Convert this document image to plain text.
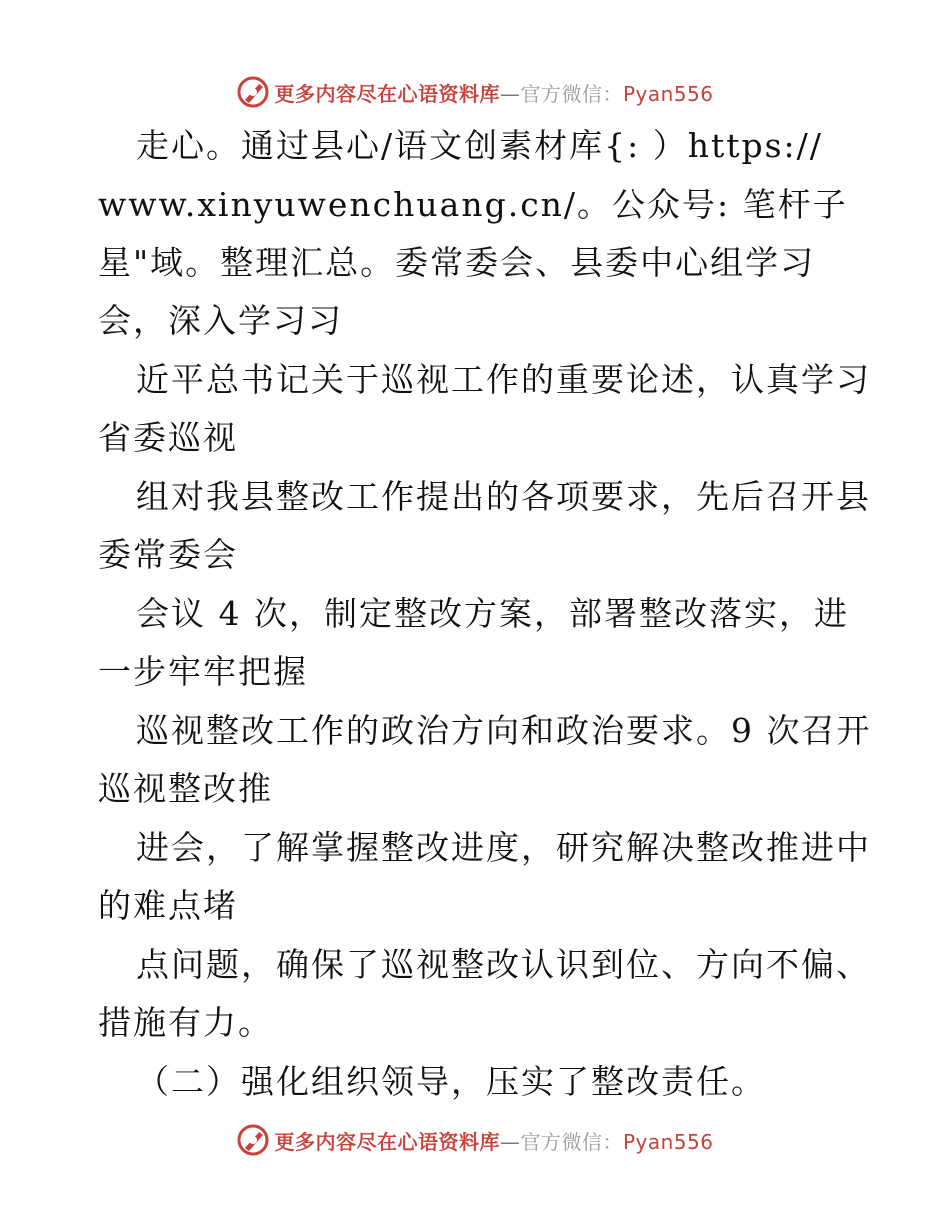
更多内容尽在心语资料库—官方微信：Pyan556
走心。通过县心/语文创素材库{: ）https://
www.xinyuwenchuang.cn/。公众号: 笔杆子
星"域。整理汇总。委常委会、县委中心组学习
会，深入学习习
近平总书记关于巡视工作的重要论述，认真学习
省委巡视
组对我县整改工作提出的各项要求，先后召开县
委常委会
会议 4 次，制定整改方案，部署整改落实，进
一步牢牢把握
巡视整改工作的政治方向和政治要求。9 次召开
巡视整改推
进会，了解掌握整改进度，研究解决整改推进中
的难点堵
点问题，确保了巡视整改认识到位、方向不偏、
措施有力。
（二）强化组织领导，压实了整改责任。
更多内容尽在心语资料库—官方微信：Pyan556
